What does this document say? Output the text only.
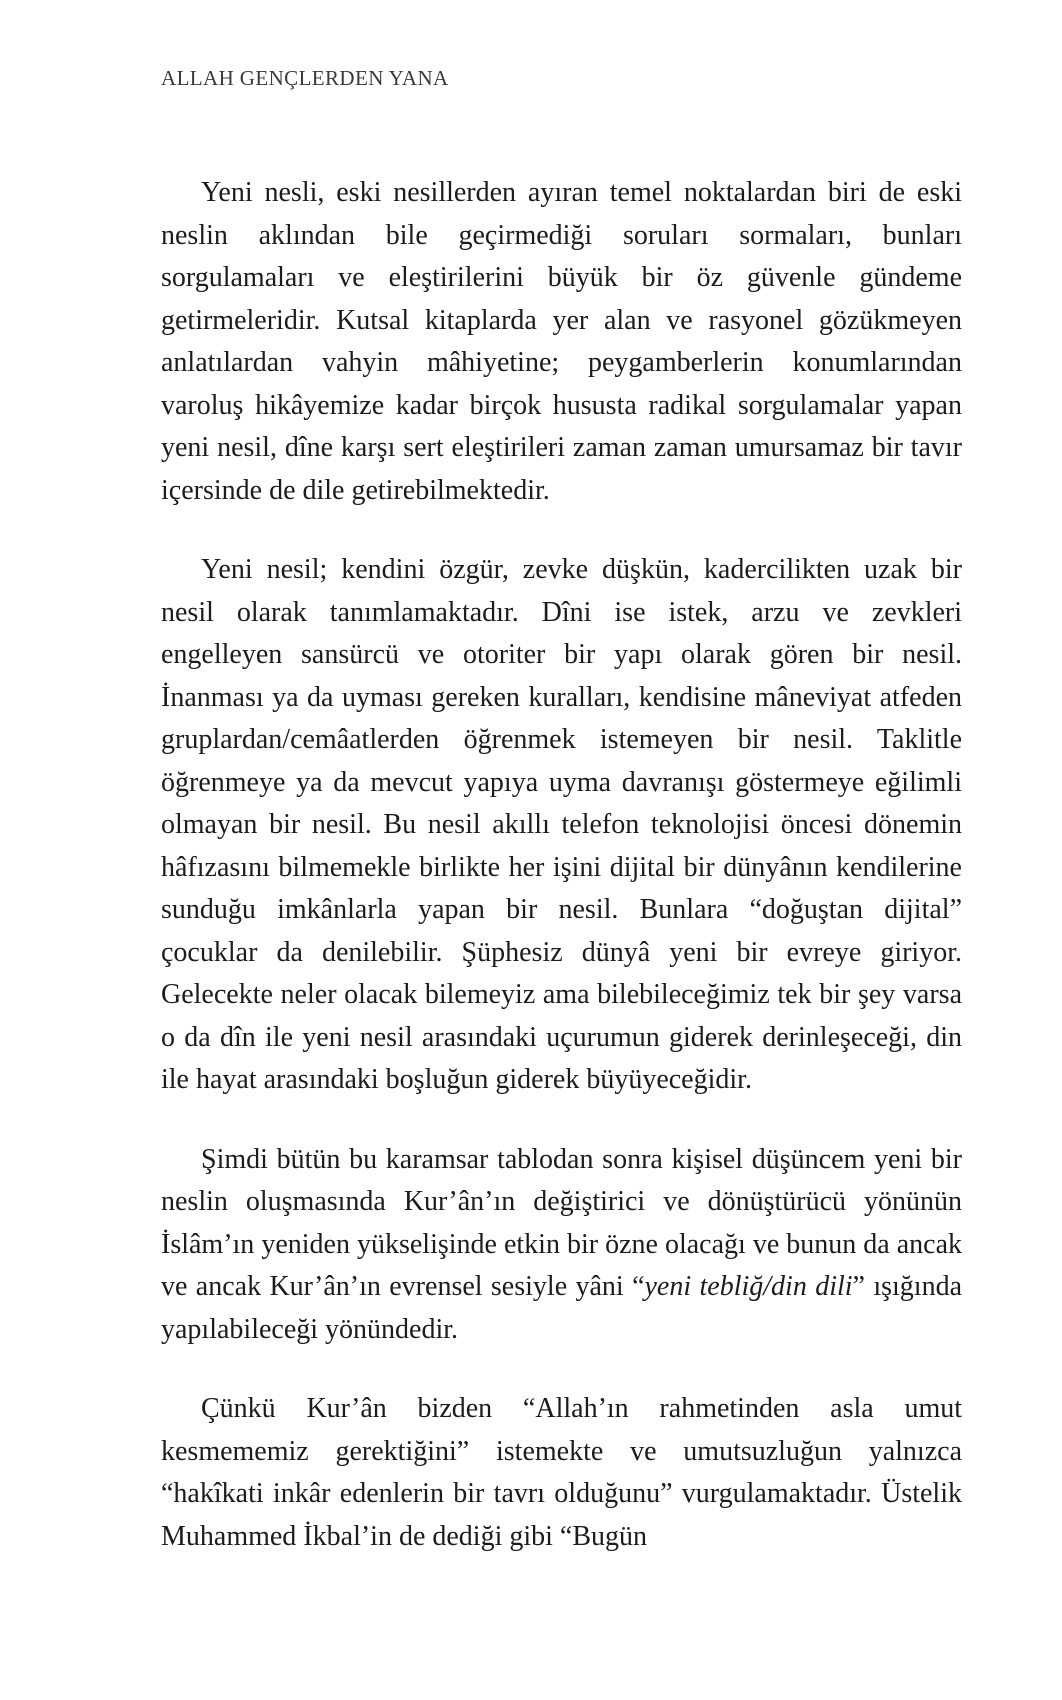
ALLAH GENÇLERDEN YANA

Yeni nesli, eski nesillerden ayıran temel noktalardan biri de eski neslin aklından bile geçirmediği soruları sormaları, bunları sorgulamaları ve eleştirilerini büyük bir öz güvenle gündeme getirmeleridir. Kutsal kitaplarda yer alan ve rasyonel gözükmeyen anlatılardan vahyin mâhiyetine; peygamberlerin konumlarından varoluş hikâyemize kadar birçok hususta radikal sorgulamalar yapan yeni nesil, dîne karşı sert eleştirileri zaman zaman umursamaz bir tavır içersinde de dile getirebilmektedir.

Yeni nesil; kendini özgür, zevke düşkün, kadercilikten uzak bir nesil olarak tanımlamaktadır. Dîni ise istek, arzu ve zevkleri engelleyen sansürcü ve otoriter bir yapı olarak gören bir nesil. İnanması ya da uyması gereken kuralları, kendisine mâneviyat atfeden gruplardan/cemâatlerden öğrenmek istemeyen bir nesil. Taklitle öğrenmeye ya da mevcut yapıya uyma davranışı göstermeye eğilimli olmayan bir nesil. Bu nesil akıllı telefon teknolojisi öncesi dönemin hâfızasını bilmemekle birlikte her işini dijital bir dünyânın kendilerine sunduğu imkânlarla yapan bir nesil. Bunlara “doğuştan dijital” çocuklar da denilebilir. Şüphesiz dünyâ yeni bir evreye giriyor. Gelecekte neler olacak bilemeyiz ama bilebileceğimiz tek bir şey varsa o da dîn ile yeni nesil arasındaki uçurumun giderek derinleşeceği, din ile hayat arasındaki boşluğun giderek büyüyeceğidir.

Şimdi bütün bu karamsar tablodan sonra kişisel düşüncem yeni bir neslin oluşmasında Kur’ân’ın değiştirici ve dönüştürücü yönünün İslâm’ın yeniden yükselişinde etkin bir özne olacağı ve bunun da ancak ve ancak Kur’ân’ın evrensel sesiyle yâni “yeni tebliğ/din dili” ışığında yapılabileceği yönündedir.

Çünkü Kur’ân bizden “Allah’ın rahmetinden asla umut kesmememiz gerektiğini” istemekte ve umutsuzluğun yalnızca “hakîkati inkâr edenlerin bir tavrı olduğunu” vurgulamaktadır. Üstelik Muhammed İkbal’in de dediği gibi “Bugün
